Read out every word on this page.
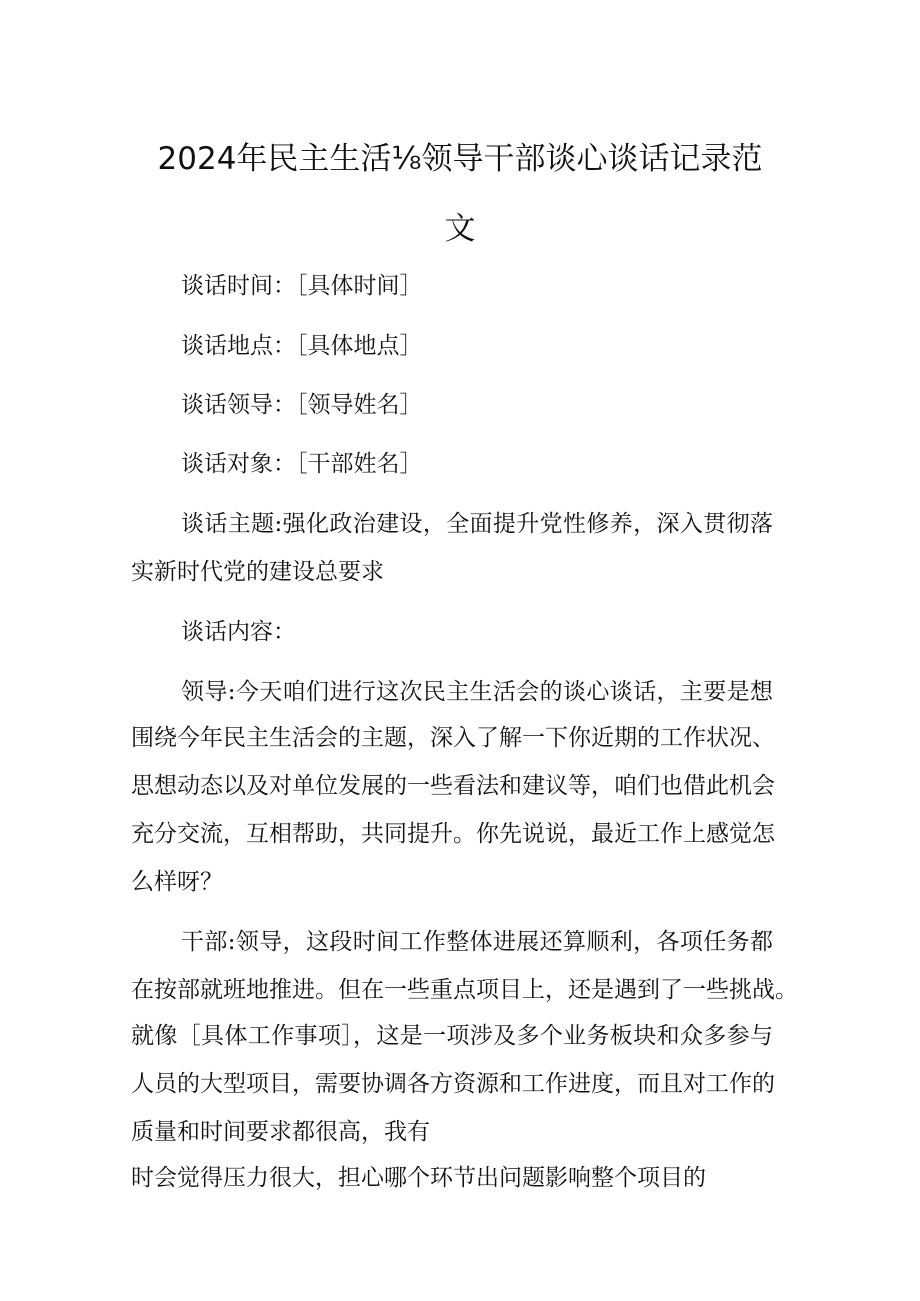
2024年民主生活⅛领导干部谈心谈话记录范
文
谈话时间：［具体时间］
谈话地点：［具体地点］
谈话领导：［领导姓名］
谈话对象：［干部姓名］
谈话主题:强化政治建设，全面提升党性修养，深入贯彻落
实新时代党的建设总要求
谈话内容：
领导:今天咱们进行这次民主生活会的谈心谈话，主要是想
围绕今年民主生活会的主题，深入了解一下你近期的工作状况、
思想动态以及对单位发展的一些看法和建议等，咱们也借此机会
充分交流，互相帮助，共同提升。你先说说，最近工作上感觉怎
么样呀？
干部:领导，这段时间工作整体进展还算顺利，各项任务都
在按部就班地推进。但在一些重点项目上，还是遇到了一些挑战。
就像［具体工作事项］，这是一项涉及多个业务板块和众多参与
人员的大型项目，需要协调各方资源和工作进度，而且对工作的
质量和时间要求都很高，我有
时会觉得压力很大，担心哪个环节出问题影响整个项目的
